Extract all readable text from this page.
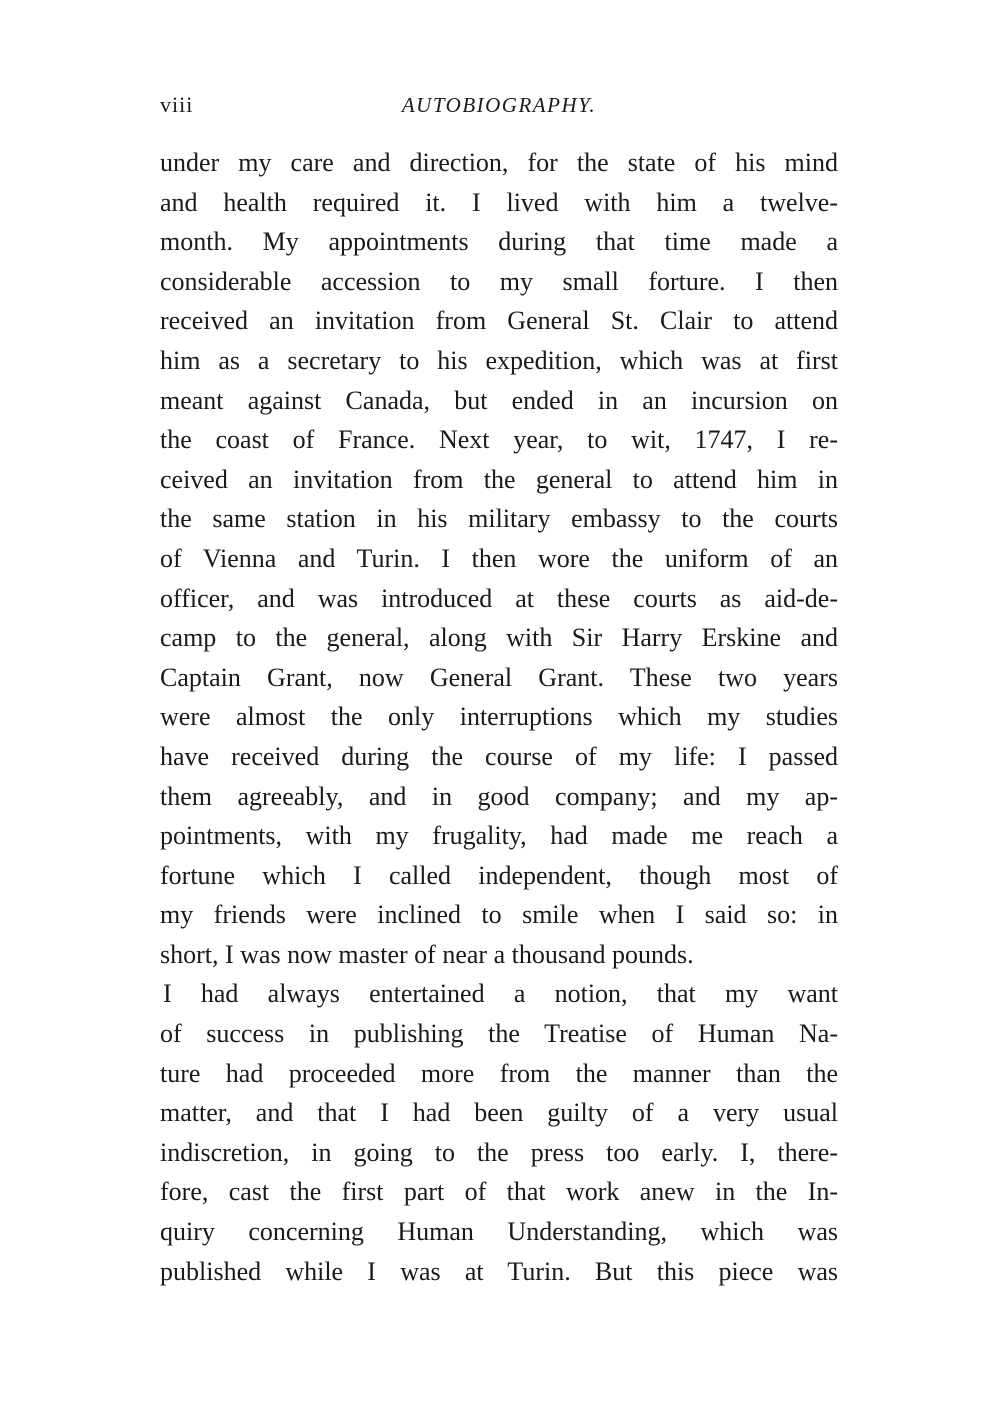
viii	AUTOBIOGRAPHY.
under my care and direction, for the state of his mind
and health required it. I lived with him a twelve-
month. My appointments during that time made a
considerable accession to my small forture. I then
received an invitation from General St. Clair to attend
him as a secretary to his expedition, which was at first
meant against Canada, but ended in an incursion on
the coast of France. Next year, to wit, 1747, I re-
ceived an invitation from the general to attend him in
the same station in his military embassy to the courts
of Vienna and Turin. I then wore the uniform of an
officer, and was introduced at these courts as aid-de-
camp to the general, along with Sir Harry Erskine and
Captain Grant, now General Grant. These two years
were almost the only interruptions which my studies
have received during the course of my life: I passed
them agreeably, and in good company; and my ap-
pointments, with my frugality, had made me reach a
fortune which I called independent, though most of
my friends were inclined to smile when I said so: in
short, I was now master of near a thousand pounds.
I had always entertained a notion, that my want
of success in publishing the Treatise of Human Na-
ture had proceeded more from the manner than the
matter, and that I had been guilty of a very usual
indiscretion, in going to the press too early. I, there-
fore, cast the first part of that work anew in the In-
quiry concerning Human Understanding, which was
published while I was at Turin. But this piece was
